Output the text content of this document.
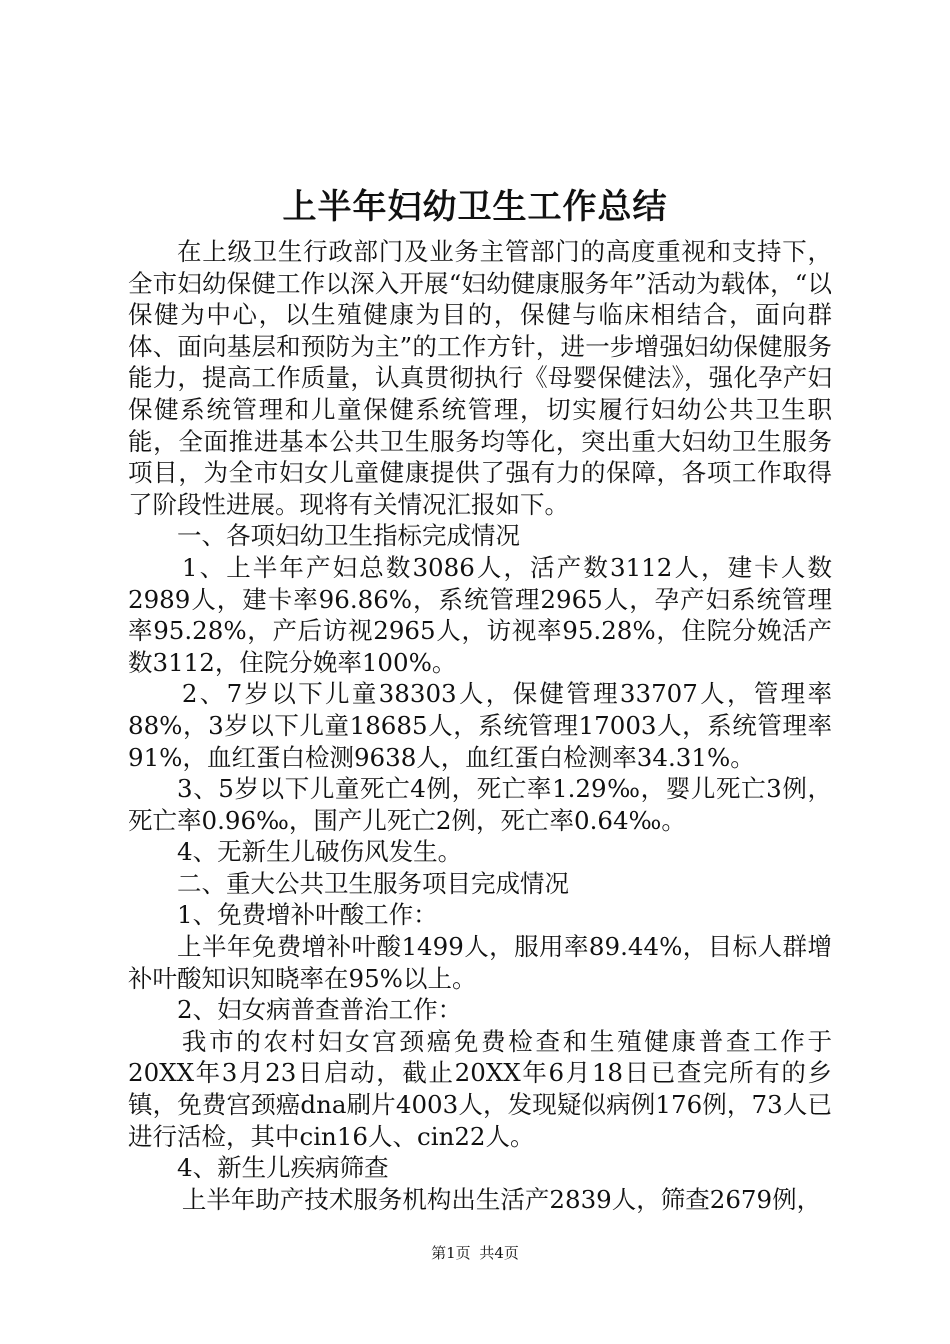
上半年妇幼卫生工作总结

在上级卫生行政部门及业务主管部门的高度重视和支持下，全市妇幼保健工作以深入开展“妇幼健康服务年”活动为载体，“以保健为中心，以生殖健康为目的，保健与临床相结合，面向群体、面向基层和预防为主”的工作方针，进一步增强妇幼保健服务能力，提高工作质量，认真贯彻执行《母婴保健法》，强化孕产妇保健系统管理和儿童保健系统管理，切实履行妇幼公共卫生职能，全面推进基本公共卫生服务均等化，突出重大妇幼卫生服务项目，为全市妇女儿童健康提供了强有力的保障，各项工作取得了阶段性进展。现将有关情况汇报如下。

一、各项妇幼卫生指标完成情况

1、上半年产妇总数3086人，活产数3112人，建卡人数2989人，建卡率96.86%，系统管理2965人，孕产妇系统管理率95.28%，产后访视2965人，访视率95.28%，住院分娩活产数3112，住院分娩率100%。

2、7岁以下儿童38303人，保健管理33707人，管理率88%，3岁以下儿童18685人，系统管理17003人，系统管理率91%，血红蛋白检测9638人，血红蛋白检测率34.31%。

3、5岁以下儿童死亡4例，死亡率1.29‰，婴儿死亡3例，死亡率0.96‰，围产儿死亡2例，死亡率0.64‰。

4、无新生儿破伤风发生。

二、重大公共卫生服务项目完成情况

1、免费增补叶酸工作：

上半年免费增补叶酸1499人，服用率89.44%，目标人群增补叶酸知识知晓率在95%以上。

2、妇女病普查普治工作：

我市的农村妇女宫颈癌免费检查和生殖健康普查工作于20XX年3月23日启动，截止20XX年6月18日已查完所有的乡镇，免费宫颈癌dna刷片4003人，发现疑似病例176例，73人已进行活检，其中cin16人、cin22人。

4、新生儿疾病筛查

上半年助产技术服务机构出生活产2839人，筛查2679例，

第1页 共4页
